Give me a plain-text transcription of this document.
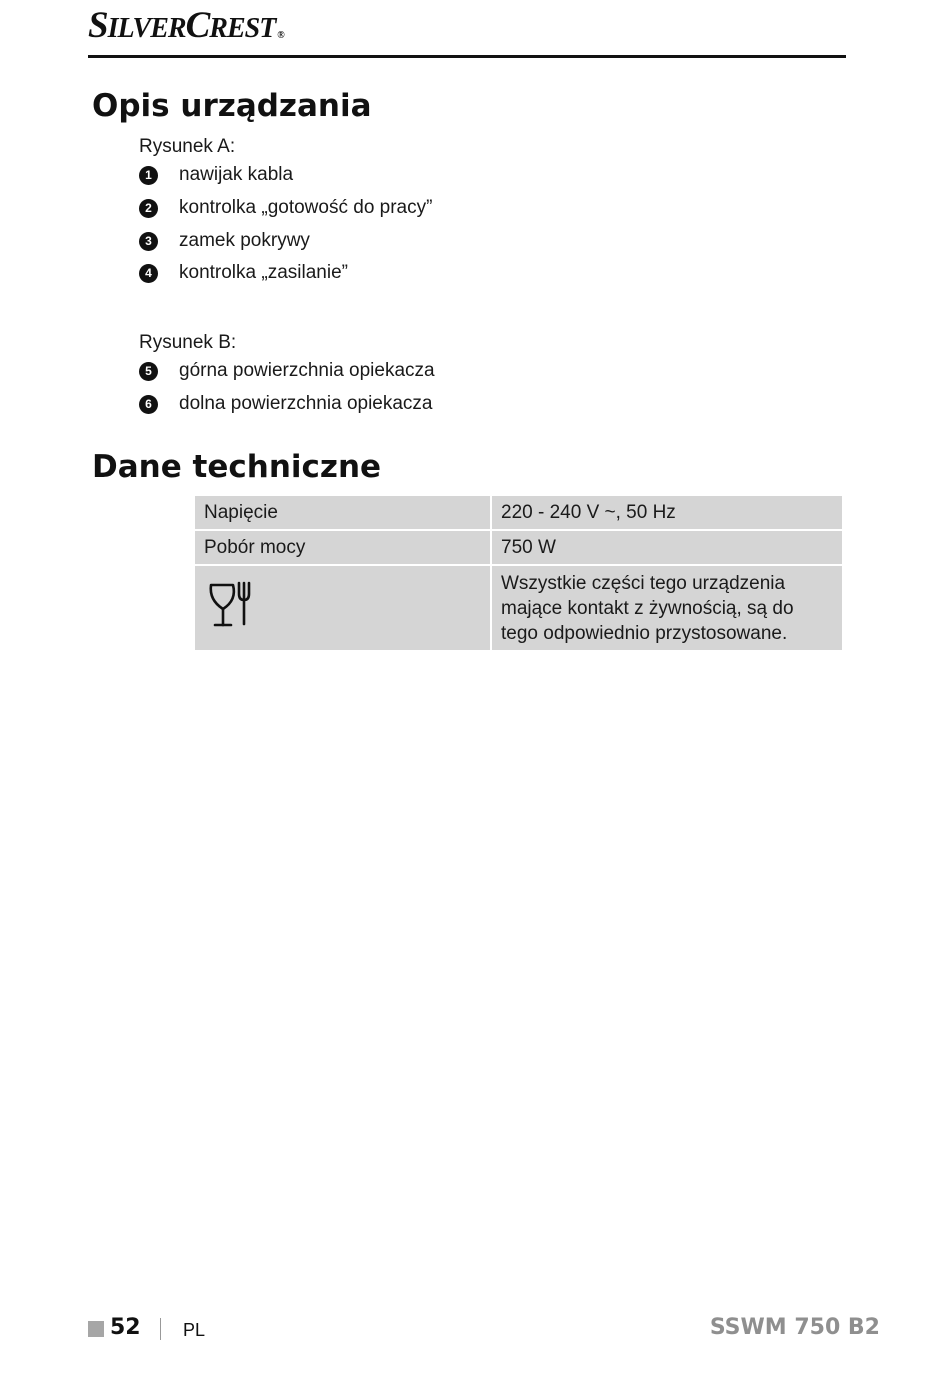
SILVERCREST ®
Opis urządzania
Rysunek A:
1	nawijak kabla
2	kontrolka „gotowość do pracy”
3	zamek pokrywy
4	kontrolka „zasilanie”
Rysunek B:
5	górna powierzchnia opiekacza
6	dolna powierzchnia opiekacza
Dane techniczne
Napięcie	220 - 240 V ~, 50 Hz
Pobór mocy	750 W

	Wszystkie części tego urządzenia mające kontakt z żywnością, są do tego odpowiednio przystosowane.
52 PL	SSWM 750 B2
